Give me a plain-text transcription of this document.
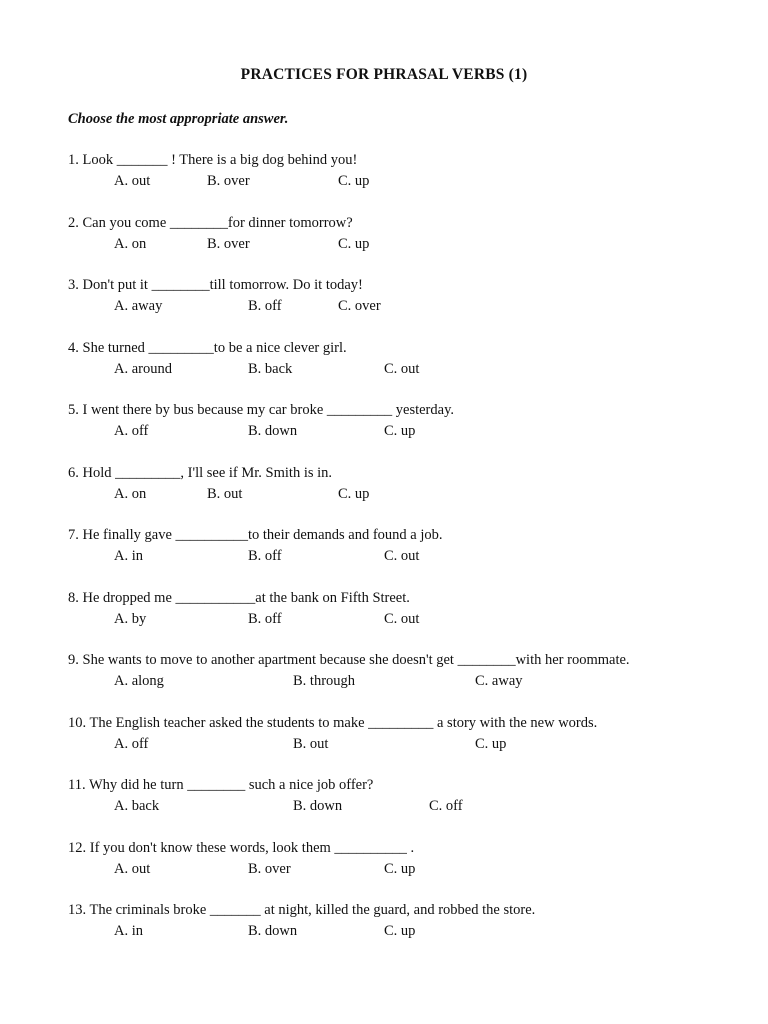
PRACTICES FOR PHRASAL VERBS (1)
Choose the most appropriate answer.
1. Look _______ ! There is a big dog behind you!
A. out	B. over	C. up
2. Can you come ________for dinner tomorrow?
A. on	B. over	C. up
3. Don't put it ________till tomorrow. Do it today!
A. away	B. off	C. over
4. She turned _________to be a nice clever girl.
A. around	B. back	C. out
5. I went there by bus because my car broke _________ yesterday.
A. off	B. down	C. up
6. Hold _________, I'll see if Mr. Smith is in.
A. on	B. out	C. up
7. He finally gave __________to their demands and found a job.
A. in	B. off	C. out
8. He dropped me ___________at the bank on Fifth Street.
A. by	B. off	C. out
9. She wants to move to another apartment because she doesn't get ________with her roommate.
A. along	B. through	C. away
10. The English teacher asked the students to make _________ a story with the new words.
A. off	B. out	C. up
11. Why did he turn ________ such a nice job offer?
A. back	B. down	C. off
12. If you don't know these words, look them __________ .
A. out	B. over	C. up
13. The criminals broke _______ at night, killed the guard, and robbed the store.
A. in	B. down	C. up
